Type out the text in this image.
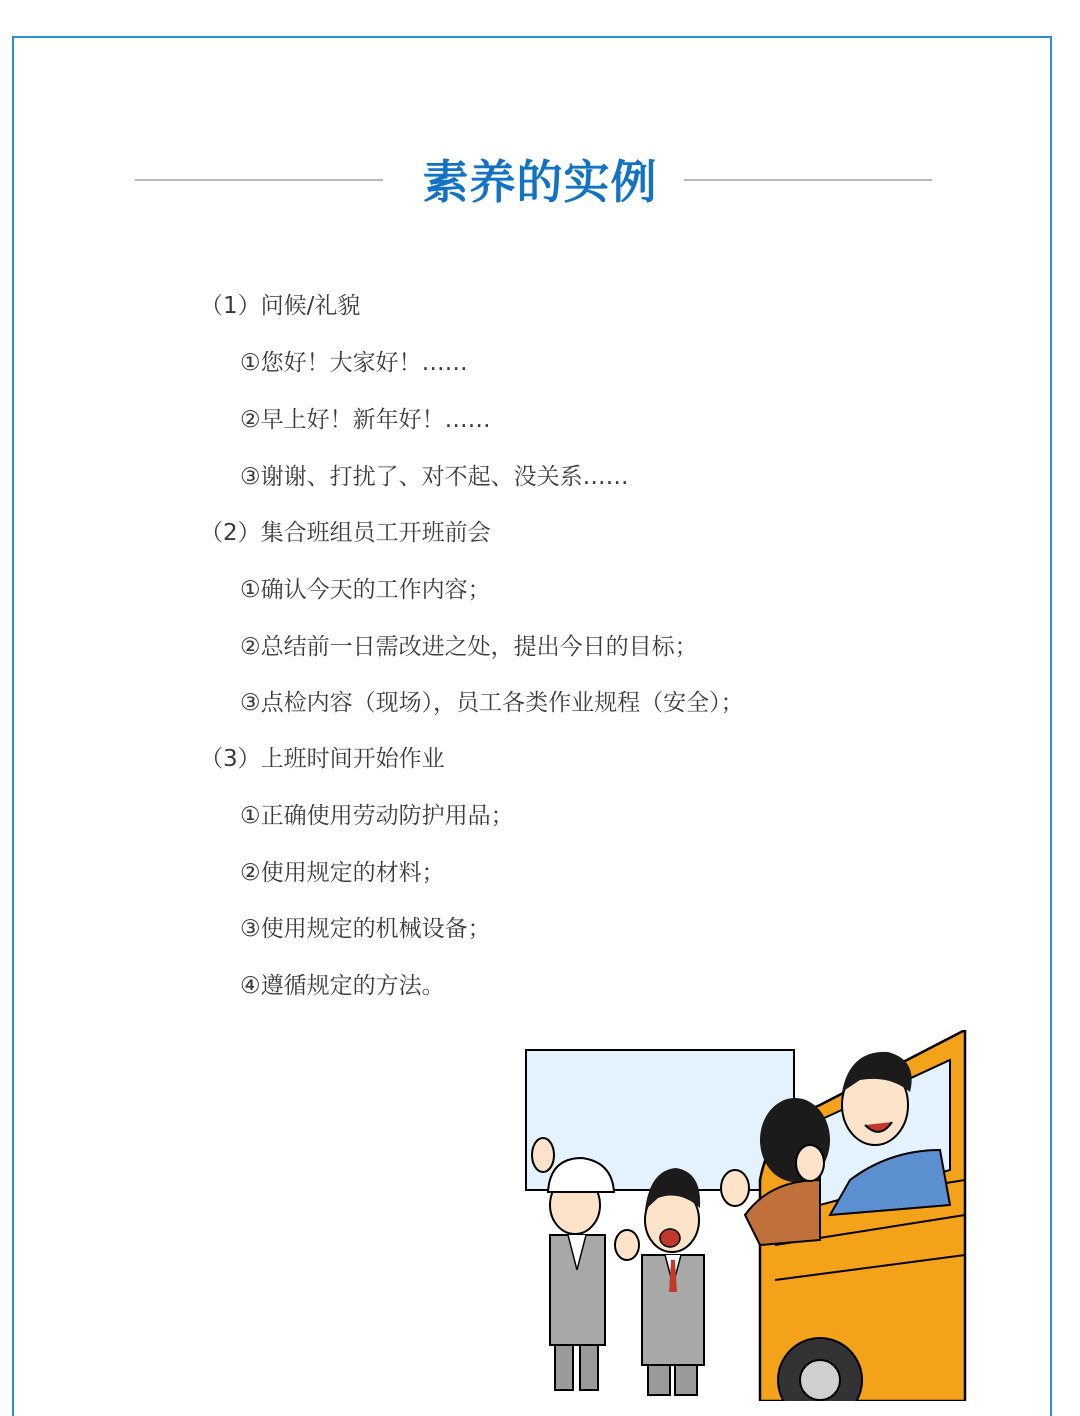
素养的实例
（1）问候/礼貌
①您好！大家好！……
②早上好！新年好！……
③谢谢、打扰了、对不起、没关系……
（2）集合班组员工开班前会
①确认今天的工作内容；
②总结前一日需改进之处，提出今日的目标；
③点检内容（现场），员工各类作业规程（安全）；
（3）上班时间开始作业
①正确使用劳动防护用品；
②使用规定的材料；
③使用规定的机械设备；
④遵循规定的方法。
